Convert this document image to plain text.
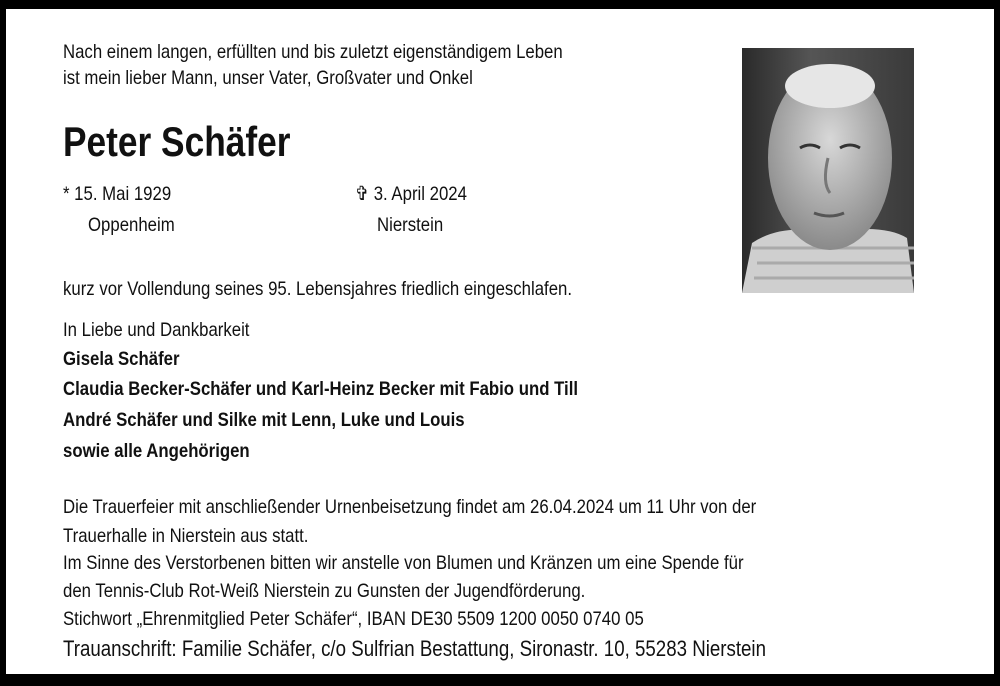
Nach einem langen, erfüllten und bis zuletzt eigenständigem Leben
ist mein lieber Mann, unser Vater, Großvater und Onkel
Peter Schäfer
* 15. Mai 1929
Oppenheim
✞ 3. April 2024
Nierstein
kurz vor Vollendung seines 95. Lebensjahres friedlich eingeschlafen.
In Liebe und Dankbarkeit
Gisela Schäfer
Claudia Becker-Schäfer und Karl-Heinz Becker mit Fabio und Till
André Schäfer und Silke mit Lenn, Luke und Louis
sowie alle Angehörigen
Die Trauerfeier mit anschließender Urnenbeisetzung findet am 26.04.2024 um 11 Uhr von der
Trauerhalle in Nierstein aus statt.
Im Sinne des Verstorbenen bitten wir anstelle von Blumen und Kränzen um eine Spende für
den Tennis-Club Rot-Weiß Nierstein zu Gunsten der Jugendförderung.
Stichwort „Ehrenmitglied Peter Schäfer“, IBAN DE30 5509 1200 0050 0740 05
Trauanschrift: Familie Schäfer, c/o Sulfrian Bestattung, Sironastr. 10, 55283 Nierstein
